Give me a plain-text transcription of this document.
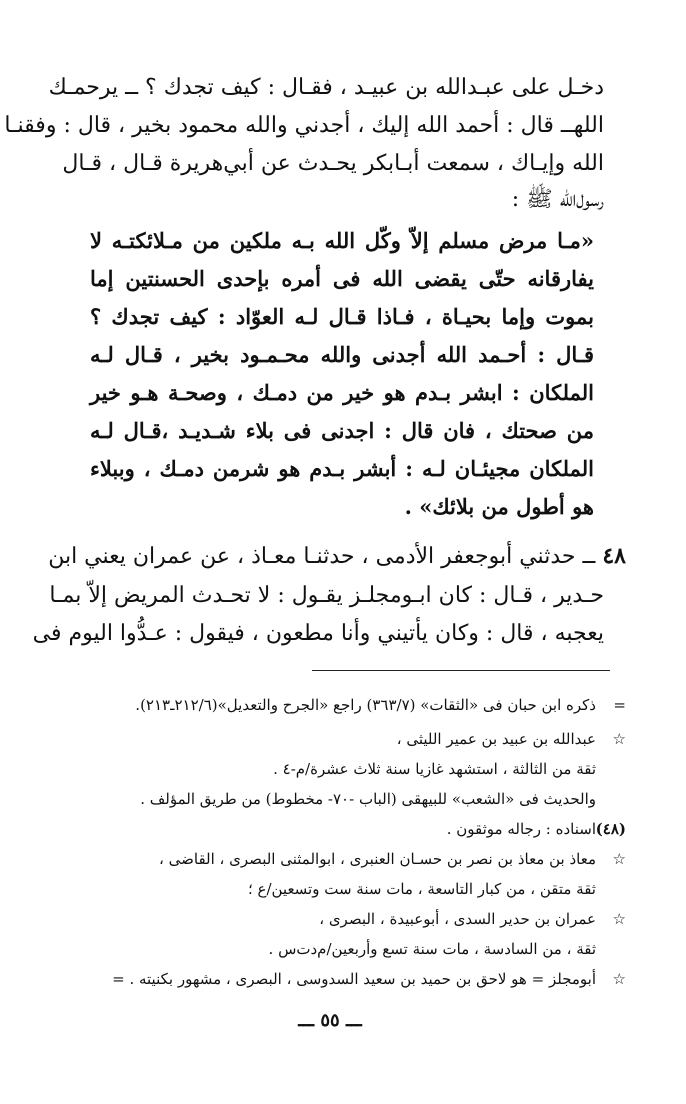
دخـل على عبـدالله بن عبيـد ، فقـال : كيف تجدك ؟ ــ يرحمـك
اللهــ قال : أحمد الله إليك ، أجدني والله محمود بخير ، قال : وفقنـا
الله وإيـاك ، سمعت أبـابكر يحـدث عن أبي‌هريرة قـال ، قـال
رسول‌الله ﷺ :
«مـا مرض مسلم إلاّ وكّل الله بـه ملكين من مـلائكتـه لا
يفارقانه حتّى يقضى الله فى أمره بإحدى الحسنتين إما
بموت وإما بحيـاة ، فـاذا قـال لـه العوّاد : كيف تجدك ؟
قـال : أحـمد الله أجدنى والله محـمـود بخير ، قـال لـه
الملكان : ابشر بـدم هو خير من دمـك ، وصحـة هـو خير
من صحتك ، فان قال : اجدنى فى بلاء شـديـد ،قـال لـه
الملكان مجيئـان لـه : أبشر بـدم هو شرمن دمـك ، وببلاء
هو أطول من بلائك» .
٤٨ ــ حدثني أبوجعفر الأدمى ، حدثنـا معـاذ ، عن عمران يعني ابن
حـدير ، قـال : كان ابـومجلـز يقـول : لا تحـدث المريض إلاّ بمـا
يعجبه ، قال : وكان يأتيني وأنا مطعون ، فيقول : عـدُّوا اليوم فى
=ذكره ابن حبان فى «الثقات» (٣٦٣/٧) راجع «الجرح والتعديل»(٢١٢/٦ـ٢١٣).
☆عبدالله بن عبيد بن عمير الليثى ،
ثقة من الثالثة ، استشهد غازيا سنة ثلاث عشرة/م-٤ .
والحديث فى «الشعب» للبيهقى (الباب -٧٠- مخطوط) من طريق المؤلف .
(٤٨)اسناده : رجاله موثقون .
☆معاذ بن معاذ بن نصر بن حسـان العنبرى ، ابوالمثنى البصرى ، القاضى ،
ثقة متقن ، من كبار التاسعة ، مات سنة ست وتسعين/ع ؛
☆عمران بن حدير السدى ، أبوعبيدة ، البصرى ،
ثقة ، من السادسة ، مات سنة تسع وأربعين/م‌دت‌س .
☆أبومجلز = هو لاحق بن حميد بن سعيد السدوسى ، البصرى ، مشهور بكنيته . =
ـــ ٥٥ ـــ
